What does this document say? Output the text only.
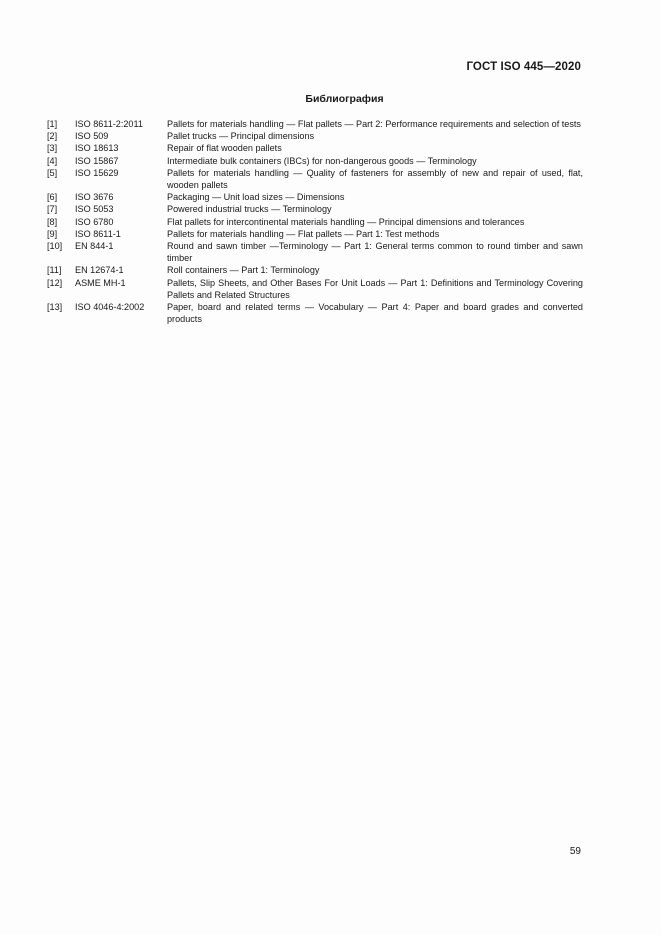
ГОСТ ISO 445—2020
Библиография
[1]	ISO 8611-2:2011	Pallets for materials handling — Flat pallets — Part 2: Performance requirements and selection of tests
[2]	ISO 509	Pallet trucks — Principal dimensions
[3]	ISO 18613	Repair of flat wooden pallets
[4]	ISO 15867	Intermediate bulk containers (IBCs) for non-dangerous goods — Terminology
[5]	ISO 15629	Pallets for materials handling — Quality of fasteners for assembly of new and repair of used, flat, wooden pallets
[6]	ISO 3676	Packaging — Unit load sizes — Dimensions
[7]	ISO 5053	Powered industrial trucks — Terminology
[8]	ISO 6780	Flat pallets for intercontinental materials handling — Principal dimensions and tolerances
[9]	ISO 8611-1	Pallets for materials handling — Flat pallets — Part 1: Test methods
[10]	EN 844-1	Round and sawn timber —Terminology — Part 1: General terms common to round timber and sawn timber
[11]	EN 12674-1	Roll containers — Part 1: Terminology
[12]	ASME MH-1	Pallets, Slip Sheets, and Other Bases For Unit Loads — Part 1: Definitions and Terminology Covering Pallets and Related Structures
[13]	ISO 4046-4:2002	Paper, board and related terms — Vocabulary — Part 4: Paper and board grades and converted products
59
